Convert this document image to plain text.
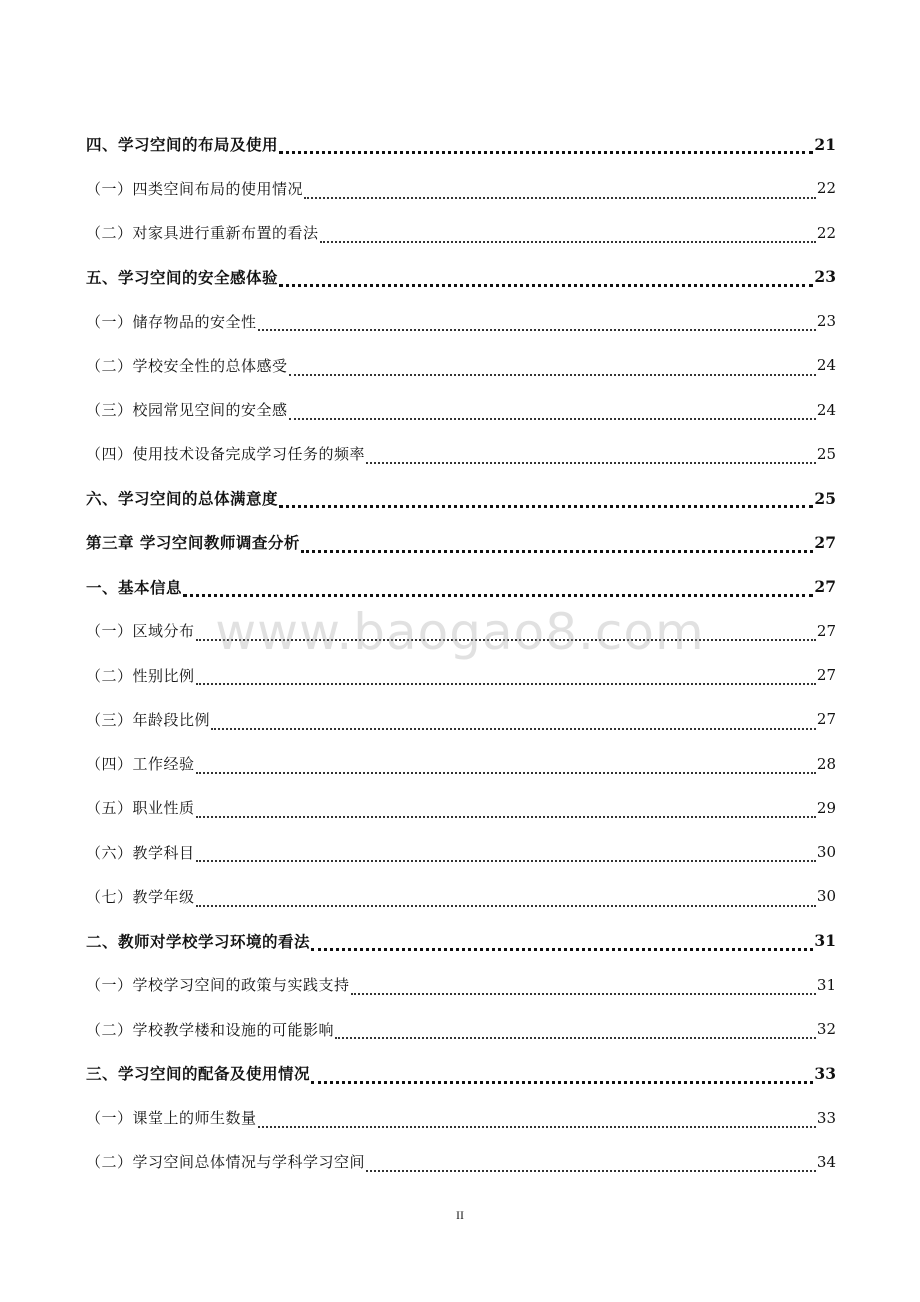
四、学习空间的布局及使用	21
（一）四类空间布局的使用情况	22
（二）对家具进行重新布置的看法	22
五、学习空间的安全感体验	23
（一）储存物品的安全性	23
（二）学校安全性的总体感受	24
（三）校园常见空间的安全感	24
（四）使用技术设备完成学习任务的频率	25
六、学习空间的总体满意度	25
第三章 学习空间教师调查分析	27
一、基本信息	27
（一）区域分布	27
（二）性别比例	27
（三）年龄段比例	27
（四）工作经验	28
（五）职业性质	29
（六）教学科目	30
（七）教学年级	30
二、教师对学校学习环境的看法	31
（一）学校学习空间的政策与实践支持	31
（二）学校教学楼和设施的可能影响	32
三、学习空间的配备及使用情况	33
（一）课堂上的师生数量	33
（二）学习空间总体情况与学科学习空间	34
www.baogao8.com
II
